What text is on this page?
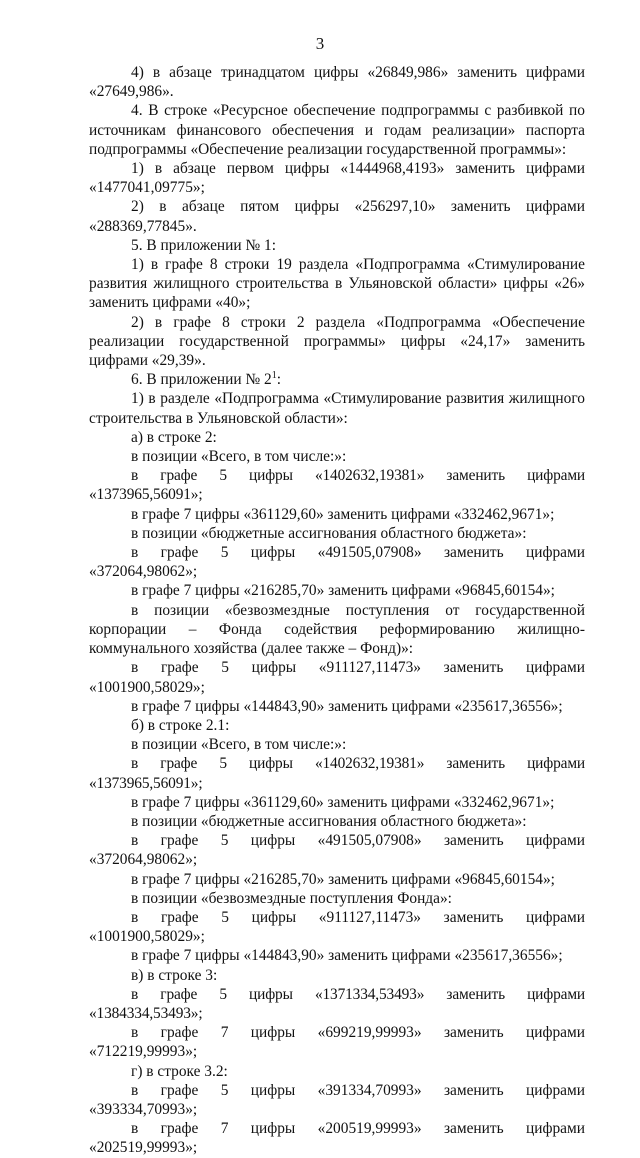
3
4) в абзаце тринадцатом цифры «26849,986» заменить цифрами «27649,986».
4. В строке «Ресурсное обеспечение подпрограммы с разбивкой по источникам финансового обеспечения и годам реализации» паспорта подпрограммы «Обеспечение реализации государственной программы»:
1) в абзаце первом цифры «1444968,4193» заменить цифрами «1477041,09775»;
2) в абзаце пятом цифры «256297,10» заменить цифрами «288369,77845».
5. В приложении № 1:
1) в графе 8 строки 19 раздела «Подпрограмма «Стимулирование развития жилищного строительства в Ульяновской области» цифры «26» заменить цифрами «40»;
2) в графе 8 строки 2 раздела «Подпрограмма «Обеспечение реализации государственной программы» цифры «24,17» заменить цифрами «29,39».
6. В приложении № $2^1$:
1) в разделе «Подпрограмма «Стимулирование развития жилищного строительства в Ульяновской области»:
а) в строке 2:
в позиции «Всего, в том числе:»:
в графе 5 цифры «1402632,19381» заменить цифрами «1373965,56091»;
в графе 7 цифры «361129,60» заменить цифрами «332462,9671»;
в позиции «бюджетные ассигнования областного бюджета»:
в графе 5 цифры «491505,07908» заменить цифрами «372064,98062»;
в графе 7 цифры «216285,70» заменить цифрами «96845,60154»;
в позиции «безвозмездные поступления от государственной корпорации – Фонда содействия реформированию жилищно-коммунального хозяйства (далее также – Фонд)»:
в графе 5 цифры «911127,11473» заменить цифрами «1001900,58029»;
в графе 7 цифры «144843,90» заменить цифрами «235617,36556»;
б) в строке 2.1:
в позиции «Всего, в том числе:»:
в графе 5 цифры «1402632,19381» заменить цифрами «1373965,56091»;
в графе 7 цифры «361129,60» заменить цифрами «332462,9671»;
в позиции «бюджетные ассигнования областного бюджета»:
в графе 5 цифры «491505,07908» заменить цифрами «372064,98062»;
в графе 7 цифры «216285,70» заменить цифрами «96845,60154»;
в позиции «безвозмездные поступления Фонда»:
в графе 5 цифры «911127,11473» заменить цифрами «1001900,58029»;
в графе 7 цифры «144843,90» заменить цифрами «235617,36556»;
в) в строке 3:
в графе 5 цифры «1371334,53493» заменить цифрами «1384334,53493»;
в графе 7 цифры «699219,99993» заменить цифрами «712219,99993»;
г) в строке 3.2:
в графе 5 цифры «391334,70993» заменить цифрами «393334,70993»;
в графе 7 цифры «200519,99993» заменить цифрами «202519,99993»;
